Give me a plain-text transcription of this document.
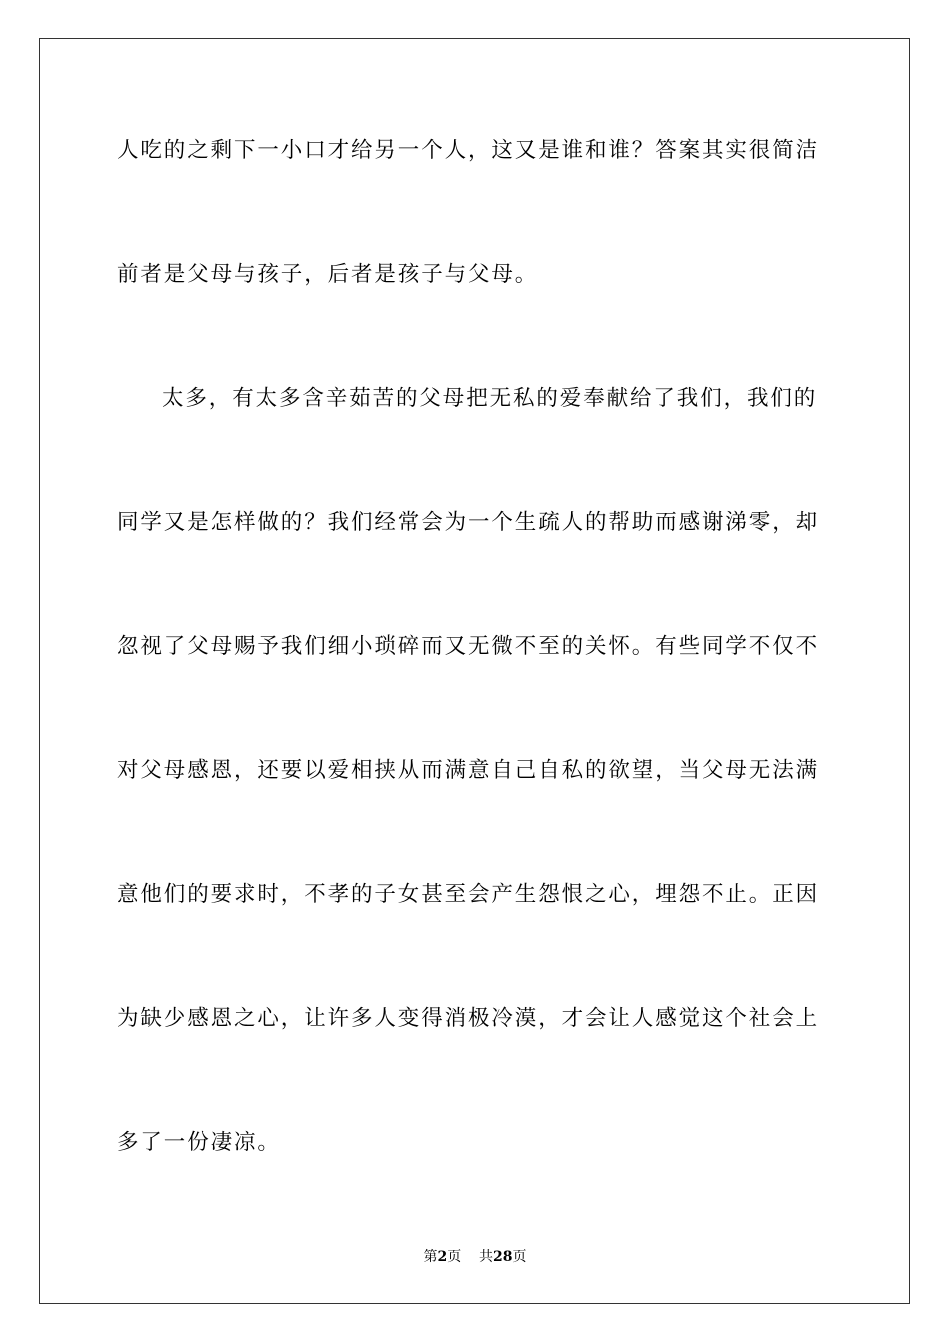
人吃的之剩下一小口才给另一个人，这又是谁和谁？答案其实很简洁
前者是父母与孩子，后者是孩子与父母。
太多，有太多含辛茹苦的父母把无私的爱奉献给了我们，我们的
同学又是怎样做的？我们经常会为一个生疏人的帮助而感谢涕零，却
忽视了父母赐予我们细小琐碎而又无微不至的关怀。有些同学不仅不
对父母感恩，还要以爱相挟从而满意自己自私的欲望，当父母无法满
意他们的要求时，不孝的子女甚至会产生怨恨之心，埋怨不止。正因
为缺少感恩之心，让许多人变得消极冷漠，才会让人感觉这个社会上
多了一份凄凉。
第2页 共28页
